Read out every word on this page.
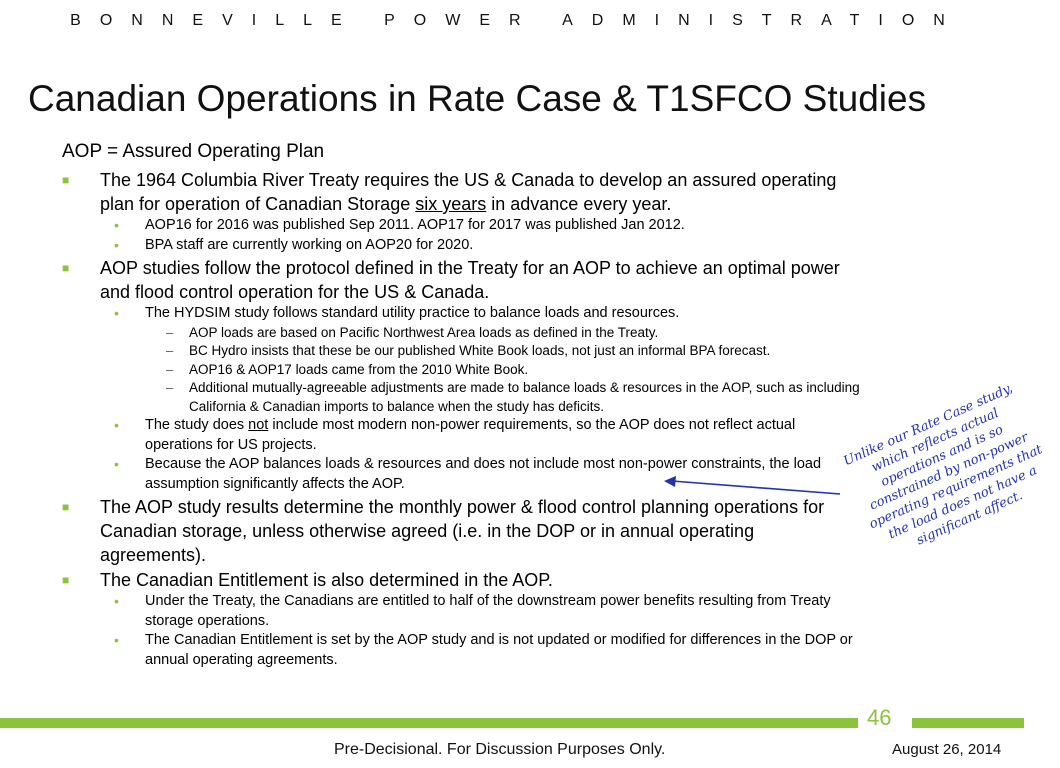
BONNEVILLE POWER ADMINISTRATION
Canadian Operations in Rate Case & T1SFCO Studies
AOP = Assured Operating Plan
■ The 1964 Columbia River Treaty requires the US & Canada to develop an assured operating plan for operation of Canadian Storage six years in advance every year.
• AOP16 for 2016 was published Sep 2011. AOP17 for 2017 was published Jan 2012.
• BPA staff are currently working on AOP20 for 2020.
■ AOP studies follow the protocol defined in the Treaty for an AOP to achieve an optimal power and flood control operation for the US & Canada.
• The HYDSIM study follows standard utility practice to balance loads and resources.
– AOP loads are based on Pacific Northwest Area loads as defined in the Treaty.
– BC Hydro insists that these be our published White Book loads, not just an informal BPA forecast.
– AOP16 & AOP17 loads came from the 2010 White Book.
– Additional mutually-agreeable adjustments are made to balance loads & resources in the AOP, such as including California & Canadian imports to balance when the study has deficits.
• The study does not include most modern non-power requirements, so the AOP does not reflect actual operations for US projects.
• Because the AOP balances loads & resources and does not include most non-power constraints, the load assumption significantly affects the AOP.
■ The AOP study results determine the monthly power & flood control planning operations for Canadian storage, unless otherwise agreed (i.e. in the DOP or in annual operating agreements).
■ The Canadian Entitlement is also determined in the AOP.
• Under the Treaty, the Canadians are entitled to half of the downstream power benefits resulting from Treaty storage operations.
• The Canadian Entitlement is set by the AOP study and is not updated or modified for differences in the DOP or annual operating agreements.
Unlike our Rate Case study, which reflects actual operations and is so constrained by non-power operating requirements that the load does not have a significant affect.
46
Pre-Decisional. For Discussion Purposes Only.	August 26, 2014
